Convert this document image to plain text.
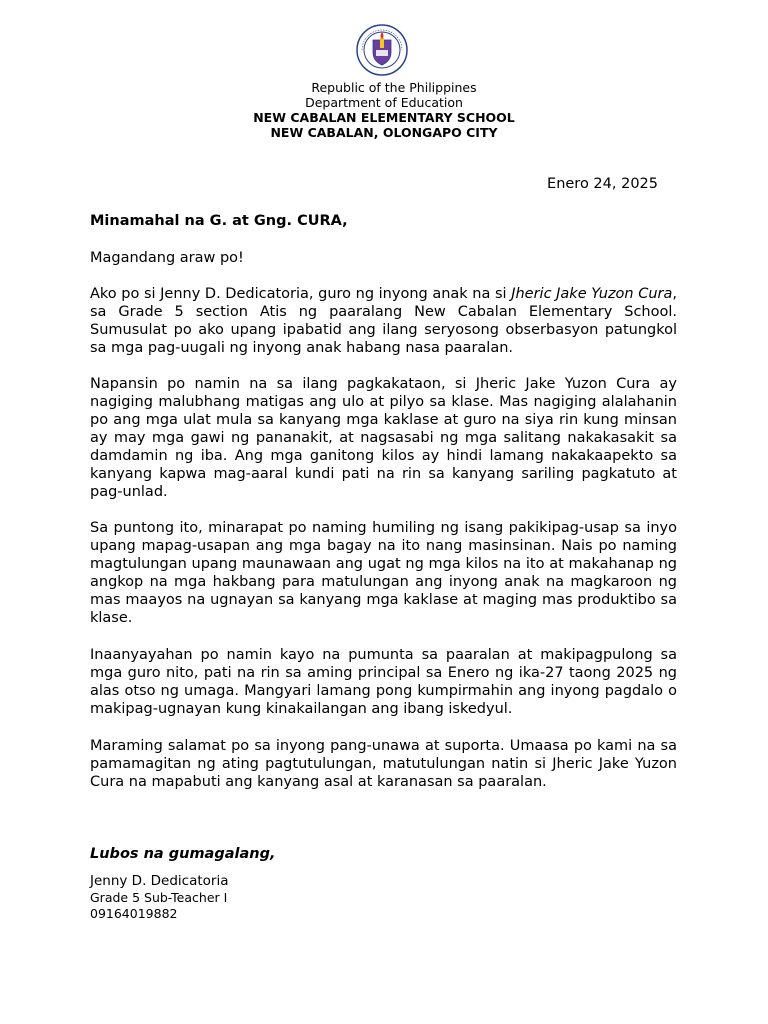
Republic of the Philippines
Department of Education
NEW CABALAN ELEMENTARY SCHOOL
NEW CABALAN, OLONGAPO CITY
Enero 24, 2025
Minamahal na G. at Gng. CURA,
Magandang araw po!

Ako po si Jenny D. Dedicatoria, guro ng inyong anak na si Jheric Jake Yuzon Cura, sa Grade 5 section Atis ng paaralang New Cabalan Elementary School. Sumusulat po ako upang ipabatid ang ilang seryosong obserbasyon patungkol sa mga pag-uugali ng inyong anak habang nasa paaralan.

Napansin po namin na sa ilang pagkakataon, si Jheric Jake Yuzon Cura ay nagiging malubhang matigas ang ulo at pilyo sa klase. Mas nagiging alalahanin po ang mga ulat mula sa kanyang mga kaklase at guro na siya rin kung minsan ay may mga gawi ng pananakit, at nagsasabi ng mga salitang nakakasakit sa damdamin ng iba. Ang mga ganitong kilos ay hindi lamang nakakaapekto sa kanyang kapwa mag-aaral kundi pati na rin sa kanyang sariling pagkatuto at pag-unlad.

Sa puntong ito, minarapat po naming humiling ng isang pakikipag-usap sa inyo upang mapag-usapan ang mga bagay na ito nang masinsinan. Nais po naming magtulungan upang maunawaan ang ugat ng mga kilos na ito at makahanap ng angkop na mga hakbang para matulungan ang inyong anak na magkaroon ng mas maayos na ugnayan sa kanyang mga kaklase at maging mas produktibo sa klase.

Inaanyayahan po namin kayo na pumunta sa paaralan at makipagpulong sa mga guro nito, pati na rin sa aming principal sa Enero ng ika-27 taong 2025 ng alas otso ng umaga. Mangyari lamang pong kumpirmahin ang inyong pagdalo o makipag-ugnayan kung kinakailangan ang ibang iskedyul.

Maraming salamat po sa inyong pang-unawa at suporta. Umaasa po kami na sa pamamagitan ng ating pagtutulungan, matutulungan natin si Jheric Jake Yuzon Cura na mapabuti ang kanyang asal at karanasan sa paaralan.

Lubos na gumagalang,
Jenny D. Dedicatoria
Grade 5 Sub-Teacher I
09164019882
